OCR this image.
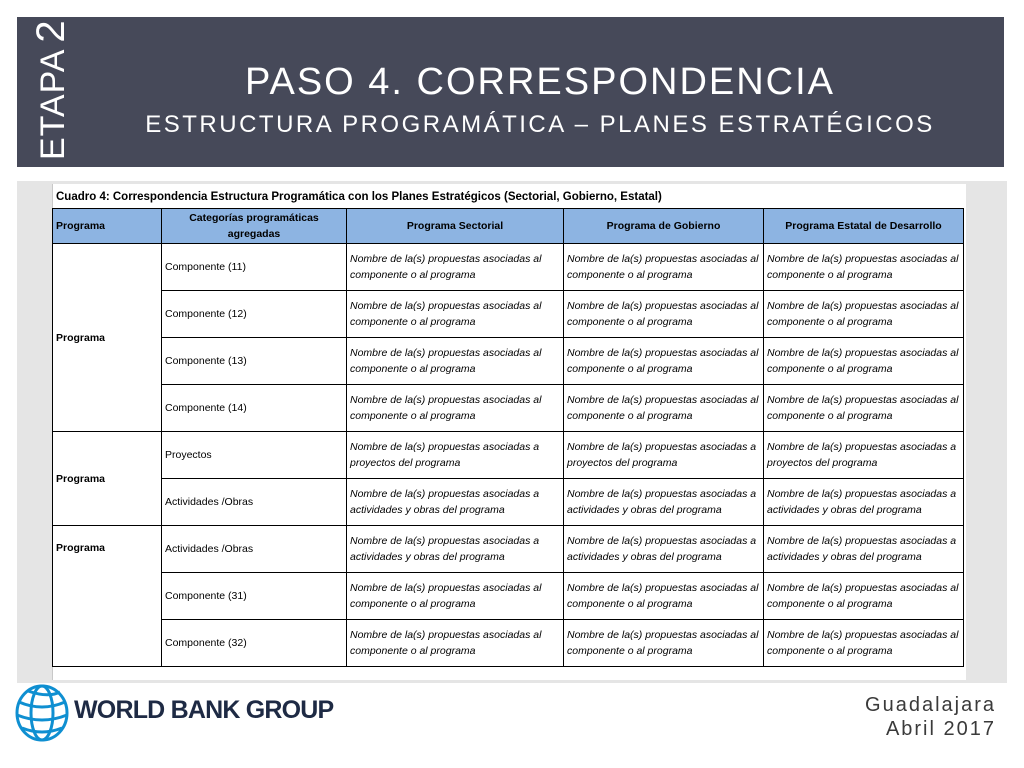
ETAPA2
PASO 4. CORRESPONDENCIA
ESTRUCTURA PROGRAMÁTICA – PLANES ESTRATÉGICOS
Cuadro 4: Correspondencia Estructura Programática con los Planes Estratégicos (Sectorial, Gobierno, Estatal)
Programa	Categorías programáticas agregadas	Programa Sectorial	Programa de Gobierno	Programa Estatal de Desarrollo
Programa	Componente (11)	Nombre de la(s) propuestas asociadas al componente o al programa	Nombre de la(s) propuestas asociadas al componente o al programa	Nombre de la(s) propuestas asociadas al componente o al programa
	Componente (12)	Nombre de la(s) propuestas asociadas al componente o al programa	Nombre de la(s) propuestas asociadas al componente o al programa	Nombre de la(s) propuestas asociadas al componente o al programa
	Componente (13)	Nombre de la(s) propuestas asociadas al componente o al programa	Nombre de la(s) propuestas asociadas al componente o al programa	Nombre de la(s) propuestas asociadas al componente o al programa
	Componente (14)	Nombre de la(s) propuestas asociadas al componente o al programa	Nombre de la(s) propuestas asociadas al componente o al programa	Nombre de la(s) propuestas asociadas al componente o al programa
Programa	Proyectos	Nombre de la(s) propuestas asociadas a proyectos del programa	Nombre de la(s) propuestas asociadas a proyectos del programa	Nombre de la(s) propuestas asociadas a proyectos del programa
	Actividades /Obras	Nombre de la(s) propuestas asociadas a actividades y obras del programa	Nombre de la(s) propuestas asociadas a actividades y obras del programa	Nombre de la(s) propuestas asociadas a actividades y obras del programa
Programa	Actividades /Obras	Nombre de la(s) propuestas asociadas a actividades y obras del programa	Nombre de la(s) propuestas asociadas a actividades y obras del programa	Nombre de la(s) propuestas asociadas a actividades y obras del programa
	Componente (31)	Nombre de la(s) propuestas asociadas al componente o al programa	Nombre de la(s) propuestas asociadas al componente o al programa	Nombre de la(s) propuestas asociadas al componente o al programa
	Componente (32)	Nombre de la(s) propuestas asociadas al componente o al programa	Nombre de la(s) propuestas asociadas al componente o al programa	Nombre de la(s) propuestas asociadas al componente o al programa
WORLD BANK GROUP	Guadalajara
Abril 2017
